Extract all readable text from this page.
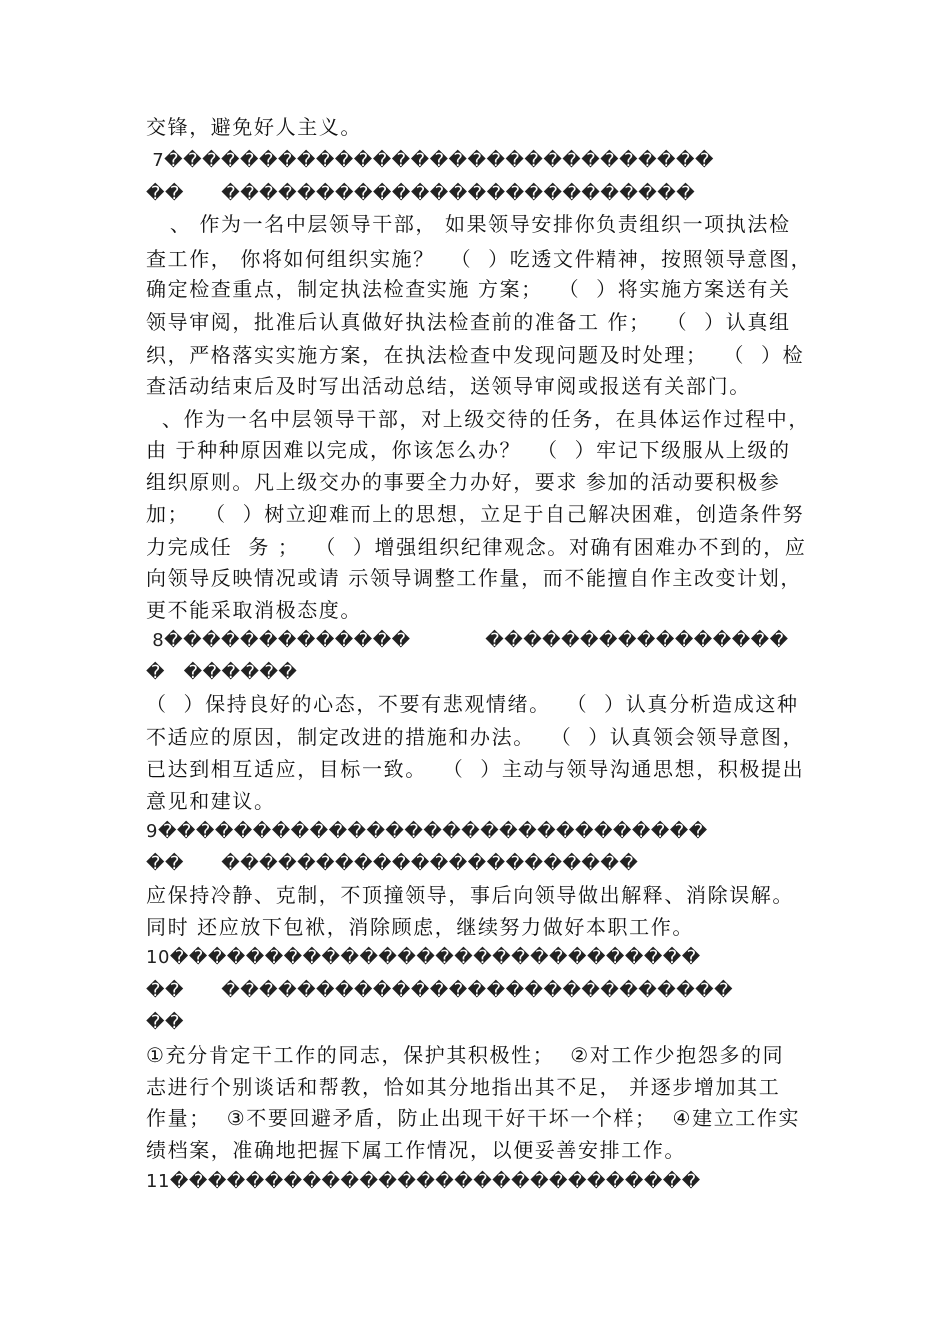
交锋，避免好人主义。
7�����������������������������
��      �������������������������
、 作为一名中层领导干部， 如果领导安排你负责组织一项执法检
查工作， 你将如何组织实施？  （  ）吃透文件精神，按照领导意图，
确定检查重点，制定执法检查实施 方案；  （  ）将实施方案送有关
领导审阅，批准后认真做好执法检查前的准备工 作；  （  ）认真组
织，严格落实实施方案，在执法检查中发现问题及时处理；  （  ）检
查活动结束后及时写出活动总结，送领导审阅或报送有关部门。
、作为一名中层领导干部，对上级交待的任务，在具体运作过程中，
由 于种种原因难以完成，你该怎么办？  （  ）牢记下级服从上级的
组织原则。凡上级交办的事要全力办好，要求 参加的活动要积极参
加；  （  ）树立迎难而上的思想，立足于自己解决困难，创造条件努
力完成任  务 ；  （  ）增强组织纪律观念。对确有困难办不到的，应
向领导反映情况或请 示领导调整工作量，而不能擅自作主改变计划，
更不能采取消极态度。
8�������������            ����������������
�   ������
（  ）保持良好的心态，不要有悲观情绪。  （  ）认真分析造成这种
不适应的原因，制定改进的措施和办法。  （  ）认真领会领导意图，
已达到相互适应，目标一致。  （  ）主动与领导沟通思想，积极提出
意见和建议。
9�����������������������������
��      ����������������������
应保持冷静、克制，不顶撞领导，事后向领导做出解释、消除误解。
同时 还应放下包袱，消除顾虑，继续努力做好本职工作。
10����������������������������
��      ���������������������������
��
①充分肯定干工作的同志，保护其积极性；  ②对工作少抱怨多的同
志进行个别谈话和帮教，恰如其分地指出其不足， 并逐步增加其工
作量；  ③不要回避矛盾，防止出现干好干坏一个样；  ④建立工作实
绩档案，准确地把握下属工作情况，以便妥善安排工作。
11����������������������������
